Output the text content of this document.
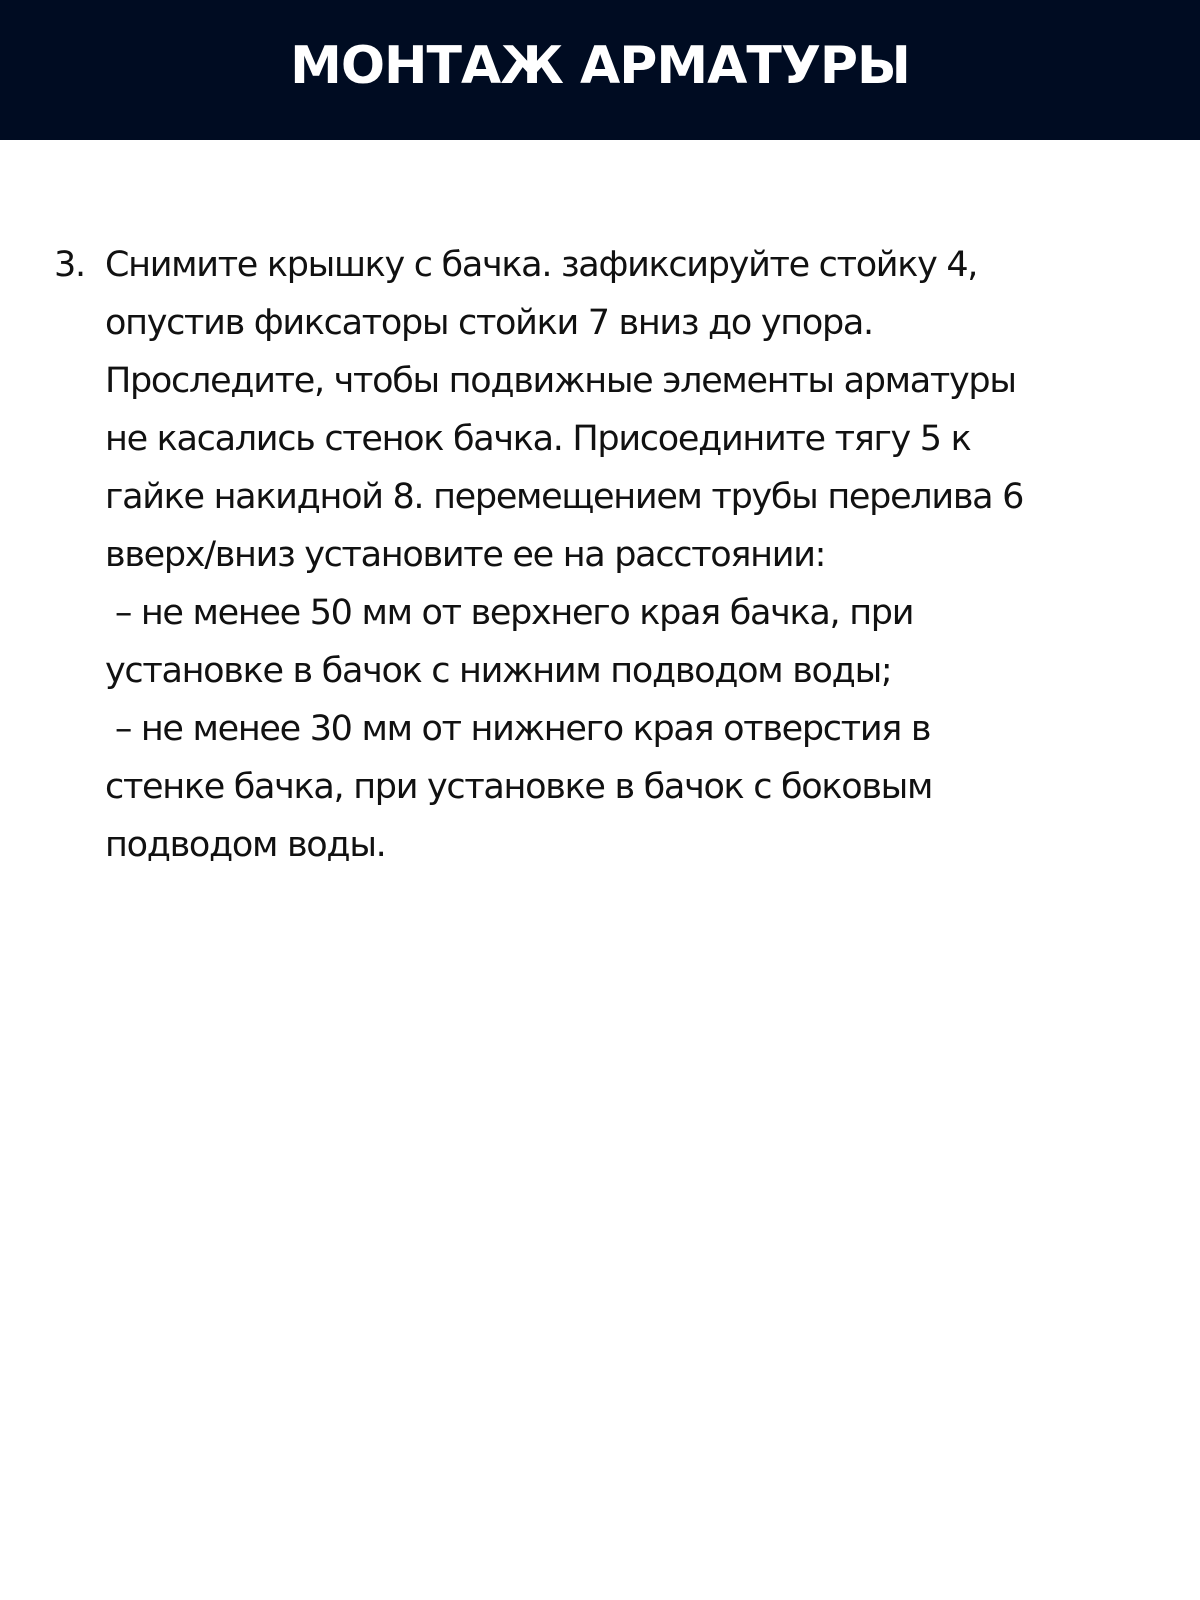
МОНТАЖ АРМАТУРЫ
3. Снимите крышку с бачка. зафиксируйте стойку 4,
опустив фиксаторы стойки 7 вниз до упора.
Проследите, чтобы подвижные элементы арматуры
не касались стенок бачка. Присоедините тягу 5 к
гайке накидной 8. перемещением трубы перелива 6
вверх/вниз установите ее на расстоянии:
– не менее 50 мм от верхнего края бачка, при
установке в бачок с нижним подводом воды;
– не менее 30 мм от нижнего края отверстия в
стенке бачка, при установке в бачок с боковым
подводом воды.
